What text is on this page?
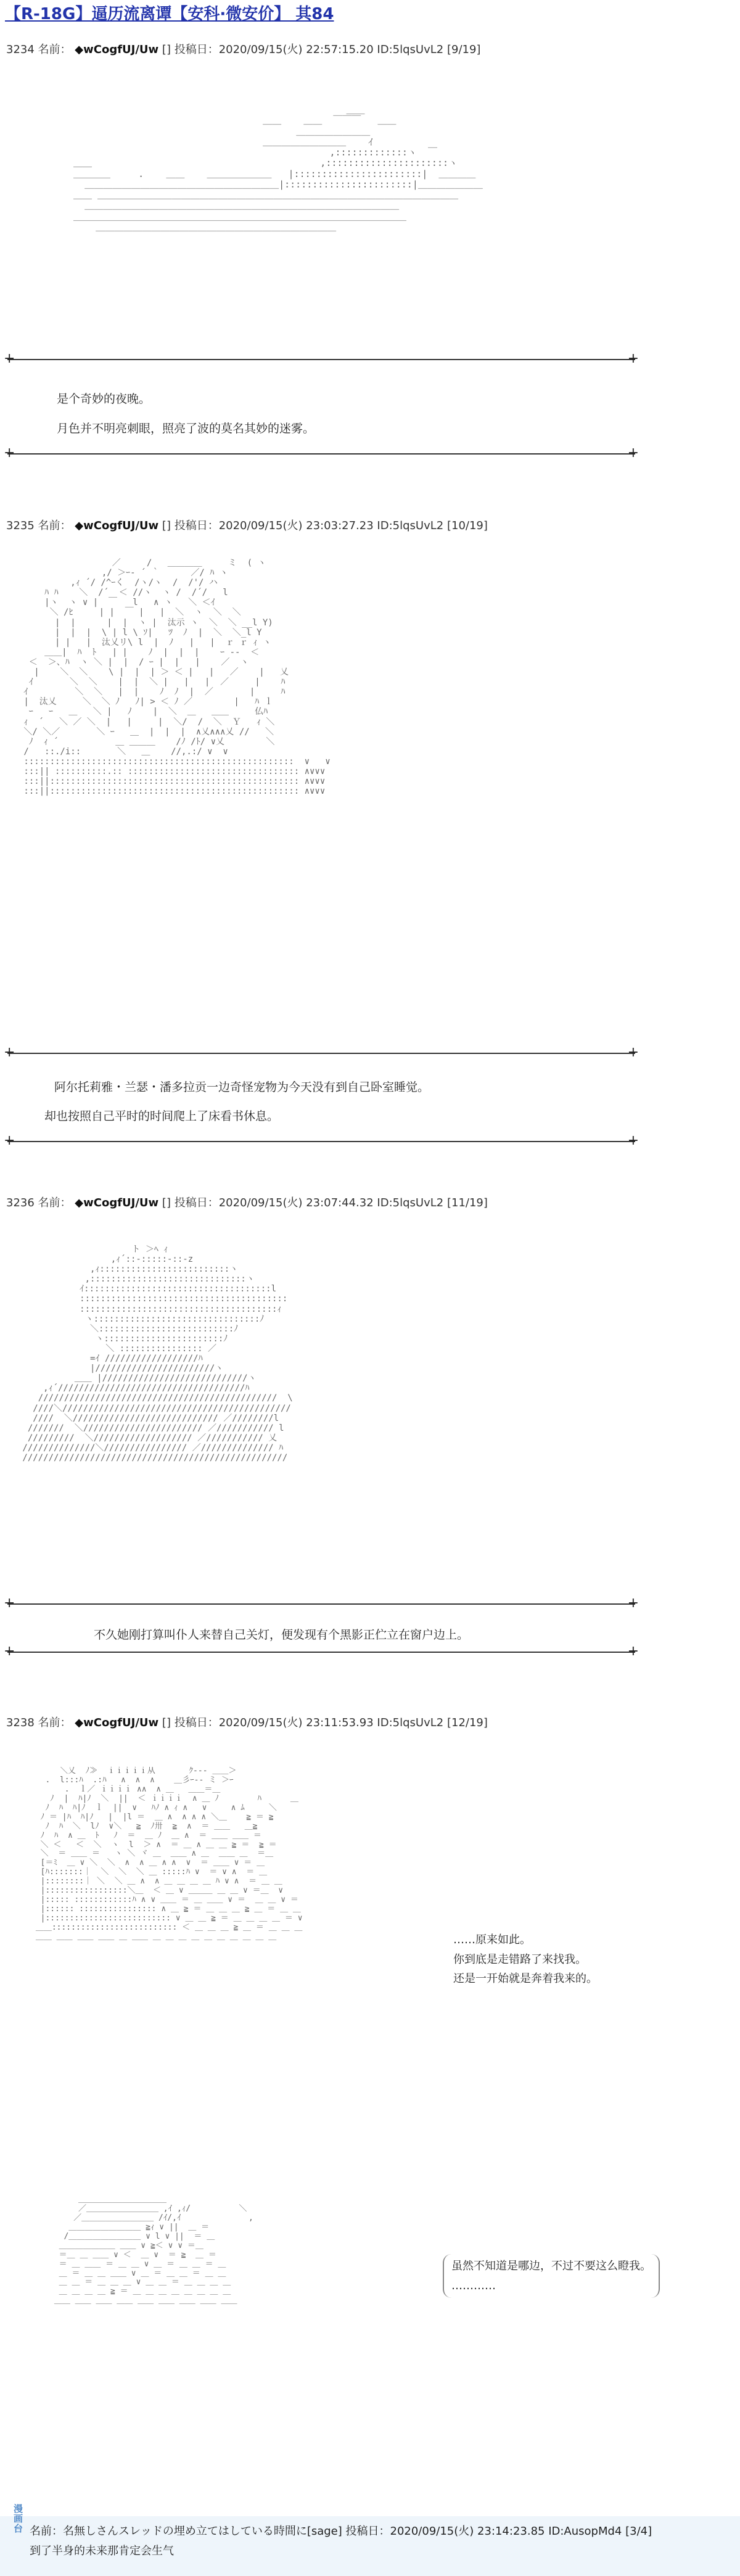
【R-18G】逼历流离谭【安科·微安价】 其84
3234 名前： ◆wCogfUJ/Uw [] 投稿日：2020/09/15(火) 22:57:15.20 ID:5lqsUvL2 [9/19]
＿＿
＿＿    ＿＿  ￣￣￣   ＿＿
＿＿＿＿＿＿＿＿
＿＿＿＿＿＿＿＿＿    ｲ
,:::::::::::::ヽ  ￣
＿＿                                         ,::::::::::::::::::::::ヽ
＿＿＿＿     .    ＿＿    ＿＿＿＿＿＿＿   |:::::::::::::::::::::::|  ＿＿＿＿
＿＿＿＿＿＿＿＿＿＿＿＿＿＿＿＿＿＿＿＿＿|:::::::::::::::::::::::|＿＿＿＿＿＿＿
＿＿ ＿＿＿＿＿＿＿＿＿＿＿＿＿＿＿＿＿＿＿＿＿＿＿＿＿＿＿＿＿＿＿＿＿＿＿＿＿＿＿
＿＿＿＿＿＿＿＿＿＿＿＿＿＿＿＿＿＿＿＿＿＿＿＿＿＿＿＿＿＿＿＿＿＿
＿＿＿＿＿＿＿＿＿＿＿＿＿＿＿＿＿＿＿＿＿＿＿＿＿＿＿＿＿＿＿＿＿＿＿＿
＿＿＿＿＿＿＿＿＿＿＿＿＿＿＿＿＿＿＿＿＿＿＿＿＿＿

+ +
是个奇妙的夜晚。
月色并不明亮刺眼，照亮了波的莫名其妙的迷雾。
+ +
3235 名前： ◆wCogfUJ/Uw [] 投稿日：2020/09/15(火) 23:03:27.23 ID:5lqsUvL2 [10/19]
／     /   ＿＿＿＿     ミ  ( ヽ
,/ ＞ｰ‐ ´ ｀      ／/ ﾊ ヽ
,ｨ ´/ /^ｰく  /ヽ/ヽ  /  /'/ ハ
ﾊ ﾊ    ＼  /´  ＜ //ヽ  ヽ /  /´/   l
|ヽ  ヽ ∨ |  ￣   l   ∧ ヽ   ＼ ＜ｲ
＼ /ﾋ     | |  ￣ |   |  ＼  ヽ  ＼  ＼
|  |      |  |  ヽ |  汰示 ヽ  ＼  ＼ __l Y)
|  |  |  \ | l \ ｿ|   ﾂ  ﾉ  |  ＼  ＼_l Y
| |   |  汰乂リ\ l  |  ﾉ   |   |  ｒ ｒ ｨ ヽ
＿＿|  ﾊ  ﾄ   | |    ﾉ  |  |  |    ｰ ‐‐  ＜
＜  ＞、ﾊ  ヽ ＼ |  |  / ｰ |  |   |    ／  ヽ
|    ＼  ＼    \ |  |  | ＞ ＜ |   |   ／    |   乂
ｲ       ＼  ＼    |  |  ＼ |   |   |  ／     |    ﾊ
ｲ         ＼  ＼   |  |    ﾉ  ﾉ  |  ／       |     ﾊ
|  汰乂     ＼  ＼ ﾉ   ﾉ| > ＜ ﾉ ／        |   ﾊ ｌ
ｰ   ｰ   ＿   ＼ |   ﾉ    |  ＼  ＿   ＿＿     仏ﾊ
ｨ  ´   ＼ ／ ＼  |   |     |  ＼/  /  ＼  Ｙ   ｨ ＼
＼/ ＼／       ＼ ｰ   ＿  |  |  |  ∧乂∧∧∧乂 //   ＼
ﾉ  ｨ ´           ＿ ＿＿＿    /ﾉ /ﾄ/ ∨乂        ＼
/   ::./i::       ＼   ＿    //,.:/ ∨  ∨
::::::::::::::::::::::::::::::::::::::::::::::::::::  ∨   ∨
:::|| ::::::::::.:: ::::::::::::::::::::::::::::::::: ∧∨∨∨
:::||:::::::::::::::::::::::::::::::::::::::::::::::: ∧∨∨∨
:::||:::::::::::::::::::::::::::::::::::::::::::::::: ∧∨∨∨

+ +
阿尔托莉雅・兰瑟・潘多拉贡一边奇怪宠物为今天没有到自己卧室睡觉。
却也按照自己平时的时间爬上了床看书休息。
+ +
3236 名前： ◆wCogfUJ/Uw [] 投稿日：2020/09/15(火) 23:07:44.32 ID:5lqsUvL2 [11/19]
ト ＞ﾍ ｨ
,ｨ´::-:::::-::-z
,ｨ:::::::::::::::::::::::::ヽ
,::::::::::::::::::::::::::::::ヽ
ｲ::::::::::::::::::::::::::::::::::::l
::::::::::::::::::::::::::::::::::::::::
::::::::::::::::::::::::::::::::::::::ｨ
ヽ::::::::::::::::::::::::::::::::ﾉ
＼::::::::::::::::::::::::::ﾉ
ヽ:::::::::::::::::::::::ﾉ
＼ :::::::::::::::: ／
=ｲ //////////////////ﾊ
|///////////////////////ヽ
＿＿ |////////////////////////////ヽ
,ｨ´////////////////////////////////////ﾊ
//////////////////////////////////////////////  \
////＼////////////////////////////////////////////
////  ＼//////////////////////////// ／////////l
///////  ＼/////////////////////// ／/////////// l
/////////  ＼/////////////////// ／/////////// 乂
//////////////＼//////////////// ／////////////// ﾊ
///////////////////////////////////////////////////

+ +
不久她刚打算叫仆人来替自己关灯，便发现有个黑影正伫立在窗户边上。
+ +
3238 名前： ◆wCogfUJ/Uw [] 投稿日：2020/09/15(火) 23:11:53.93 ID:5lqsUvL2 [12/19]
＼乂  ﾉ≫  ｉｉｉｉｉ从       ｸ‐‐‐ ＿＿＞
.  l:::ﾊ  .:ﾊ   ∧  ∧  ∧    ＿彡ｰ‐‐ ミ ＞ｰ
.  ｌ／ ｉｉｉｉ ∧∧  ∧ ＿   ＿＿＝＿
ﾉ  |  ﾊ|ﾉ  ＼  ||  ＜ ｉｉｉｉ  ∧ ＿ ﾉ        ﾊ      ＿
ﾉ  ﾊ  ﾊ|ﾉ  ｌ  ||  ∨   ﾊﾉ ∧ ｨ ∧   ∨     ∧ ﾑ     ＼
ﾉ ＝ |ﾊ  ﾊ|ﾉ   |  |l ＝  ＿ ∧  ∧ ∧ ∧ ＼＿    ≧ ＝ ≧
ﾉ  ﾊ  ＼  lﾉ  ∨＼   ≧  ﾉ卅  ≧  ∧  ＝ ＿＿   ＿≧
ﾉ  ﾊ  ∧ ＿  ﾄ   ﾉ  ＝  ＿ ﾉ  ＿ ∧  ＝ ＿＿ ＿＿ ＝
＼ ＜   ＜  ＼  ヽ  l  ＞ ∧  ＝ ＿ ∧ ＿ ＿ ≧ ＝  ≧ ＝
＼  ＝ ＿＿ ＝   ヽ ＼ ヾ ＿  ＿＿ ∧ ＿  ＿＿ ＿  ＝＿
[＝ﾐ  ＿ ∨ ＼  ＼  ∧  ∧ ＿ ∧ ∧  ∨  ＝ ＿＿ ∨ ＝ ＿
[ﾊ:::::::｜  ＼  ＼  ＼ ＿ :::::ﾊ ∨  ＝ ∨ ∧  ＝ ＿
|::::::::｜ ＼  ＼ ＿ ∧  ∧ ＿ ＿ ＿ ＿ ﾊ ∨ ∧  ＝ ＿ ＿
|:::::::::::::::::＼＿  ＜ ＿ ∨ ＿＿＿ ＿ ＿ ∨ ＝＿  ∨
|::::: ::::::::::::ﾊ ∧ ∨ ＿＿ ＝ ＿ ＿＿ ∨ ＝  ＿ ＿ ∨ ＝
|:::::: :::::::::::::::: ∧ ＿ ≧ ＝ ＿ ＿ ＿ ≧ ＿ ＝ ＿ ＿
|:::::::::::::::::::::::::: ∨ ＿ ＿ ≧ ＝ ＿ ＿ ＿ ＿ ＝ ∨
＿＿:::::::::::::::::::::::::: ＜ ＿ ＿ ＿ ≧ ＿ ＝ ＿ ＿ ＿
＿＿ ＿＿ ＿＿ ＿＿ ＿ ＿＿ ＿ ＿ ＿ ＿ ＿ ＿ ＿ ＿ ＿ ＿	……原来如此。
你到底是走错路了来找我。
还是一开始就是奔着我来的。
＿＿＿＿＿＿＿＿＿＿＿
／＿＿＿＿＿＿＿＿＿ ,ｲ ,ｨ/          ＼
／＿＿＿＿＿＿＿＿＿ /ｲ/,ｲ              ,
＿＿＿＿＿＿＿＿＿ ≧ｨ ∨ ||  ＿ ＝
/＿＿＿＿＿＿＿＿＿ ∨ l ∨ ||  ＝ ＿
＿＿＿＿＿＿＿ ＿＿ ∨ ≧＜ ∨ ∨ ＝＿
＝＿ ＿ ＿＿ ∨ ＜  ＿ ∨  ＝ ≧  ＿ ＝
＝ ＿ ＿＿ ＝ ＿ ＿ ∨ ＿ ＝ ＿ ＿ ＝ ＿
＿ ＝ ＿ ＿ ＿＿ ∨ ＿ ＝ ＿ ＿ ＝ ＿ ＿
＿ ＿ ＝ ＿ ＿ ＿ ∨ ＿ ＿ ＝ ＿ ＿ ＿ ＿
＿ ＿ ＿ ＿ ≧ ＝ ＿ ＿ ＿ ＿ ＿ ＿ ＿ ＿
＿＿ ＿＿ ＿＿ ＿＿ ＿＿ ＿＿ ＿＿ ＿＿ ＿＿

虽然不知道是哪边，不过不要这么瞪我。
…………
名前：名無しさんスレッドの埋め立てはしている時間に[sage] 投稿日：2020/09/15(火) 23:14:23.85 ID:AusopMd4 [3/4]
到了半身的未来那肯定会生气
漫画台
